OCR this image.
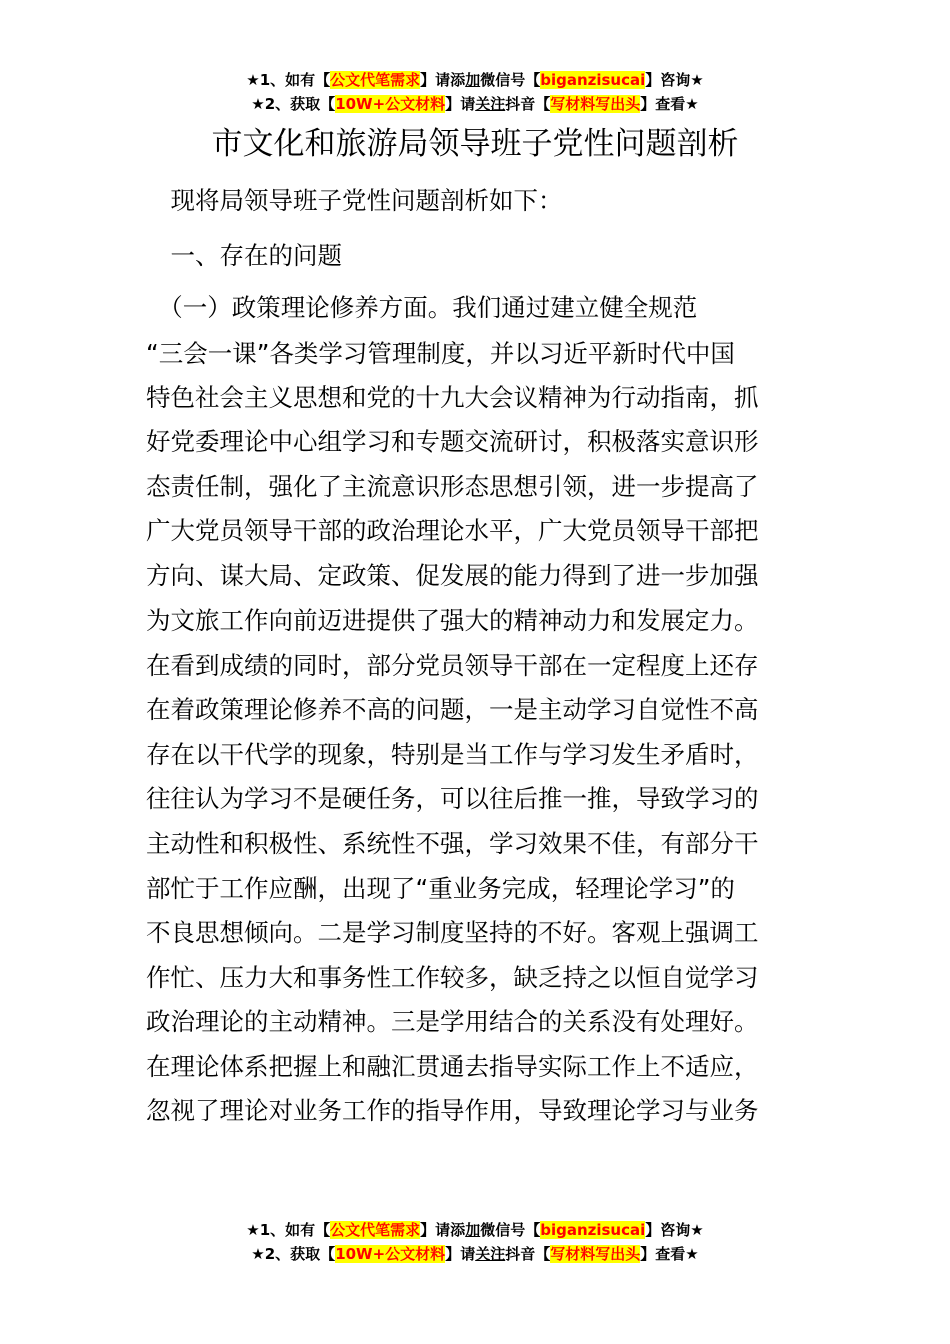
★1、如有【公文代笔需求】请添加微信号【biganzisucai】咨询★
★2、获取【10W+公文材料】请关注抖音【写材料写出头】查看★
市文化和旅游局领导班子党性问题剖析
　现将局领导班子党性问题剖析如下：
　一、存在的问题
　（一）政策理论修养方面。我们通过建立健全规范
“三会一课”各类学习管理制度，并以习近平新时代中国
特色社会主义思想和党的十九大会议精神为行动指南，抓
好党委理论中心组学习和专题交流研讨，积极落实意识形
态责任制，强化了主流意识形态思想引领，进一步提高了
广大党员领导干部的政治理论水平，广大党员领导干部把
方向、谋大局、定政策、促发展的能力得到了进一步加强
为文旅工作向前迈进提供了强大的精神动力和发展定力。
在看到成绩的同时，部分党员领导干部在一定程度上还存
在着政策理论修养不高的问题，一是主动学习自觉性不高
存在以干代学的现象，特别是当工作与学习发生矛盾时，
往往认为学习不是硬任务，可以往后推一推，导致学习的
主动性和积极性、系统性不强，学习效果不佳，有部分干
部忙于工作应酬，出现了“重业务完成，轻理论学习”的
不良思想倾向。二是学习制度坚持的不好。客观上强调工
作忙、压力大和事务性工作较多，缺乏持之以恒自觉学习
政治理论的主动精神。三是学用结合的关系没有处理好。
在理论体系把握上和融汇贯通去指导实际工作上不适应，
忽视了理论对业务工作的指导作用，导致理论学习与业务
★1、如有【公文代笔需求】请添加微信号【biganzisucai】咨询★
★2、获取【10W+公文材料】请关注抖音【写材料写出头】查看★
